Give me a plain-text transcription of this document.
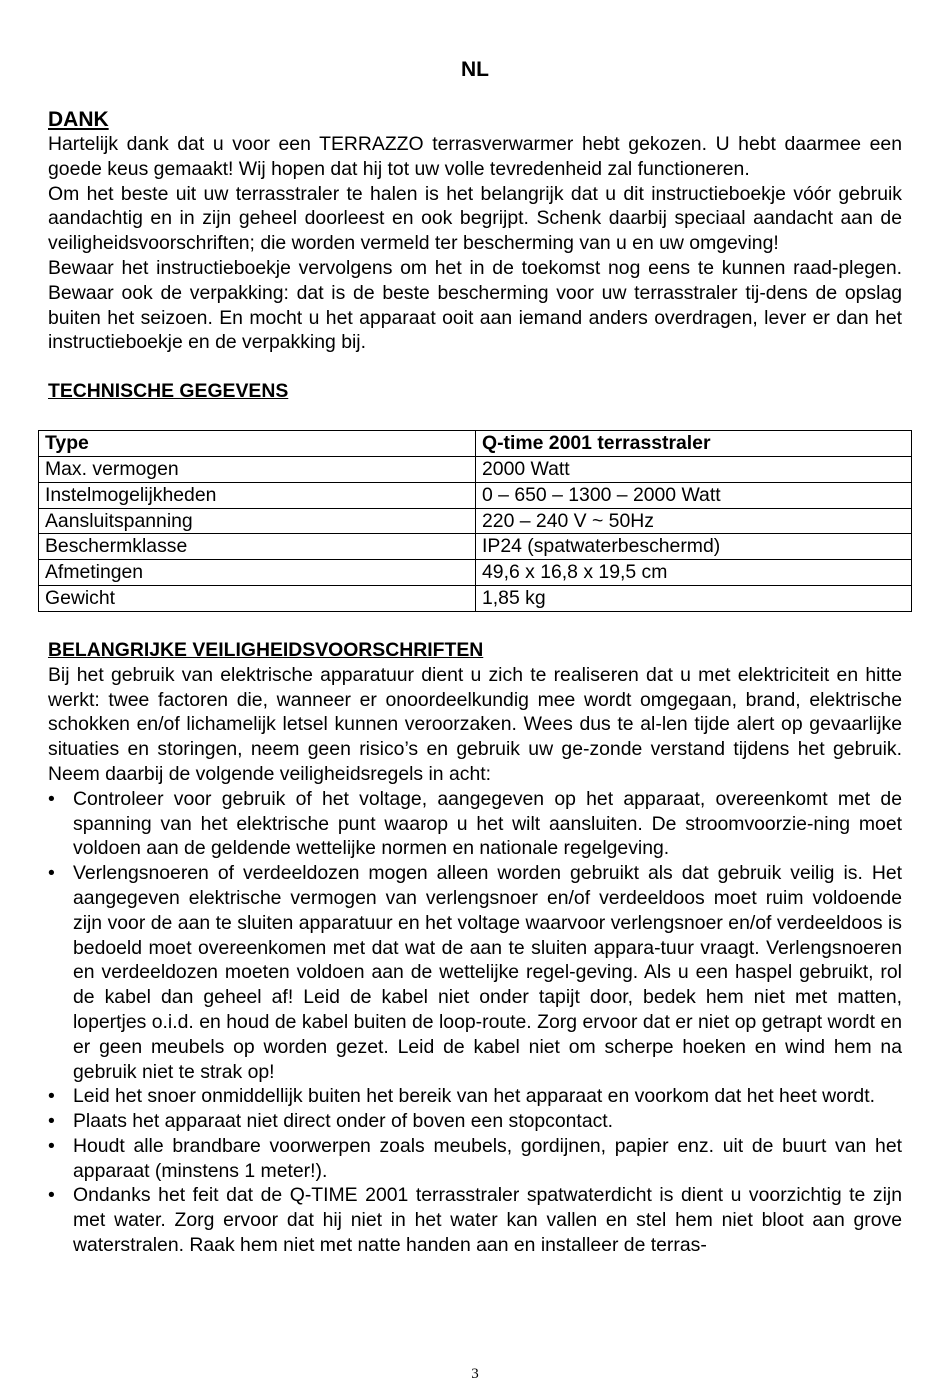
NL
DANK

Hartelijk dank dat u voor een TERRAZZO terrasverwarmer hebt gekozen. U hebt daarmee een goede keus gemaakt! Wij hopen dat hij tot uw volle tevredenheid zal functioneren.

Om het beste uit uw terrasstraler te halen is het belangrijk dat u dit instructieboekje vóór gebruik aandachtig en in zijn geheel doorleest en ook begrijpt. Schenk daarbij speciaal aandacht aan de veiligheidsvoorschriften; die worden vermeld ter bescherming van u en uw omgeving!

Bewaar het instructieboekje vervolgens om het in de toekomst nog eens te kunnen raad-plegen. Bewaar ook de verpakking: dat is de beste bescherming voor uw terrasstraler tij-dens de opslag buiten het seizoen. En mocht u het apparaat ooit aan iemand anders overdragen, lever er dan het instructieboekje en de verpakking bij.

TECHNISCHE GEGEVENS
Type	Q-time 2001 terrasstraler
Max. vermogen	2000 Watt
Instelmogelijkheden	0 – 650 – 1300 – 2000 Watt
Aansluitspanning	220 – 240 V ~ 50Hz
Beschermklasse	IP24 (spatwaterbeschermd)
Afmetingen	49,6 x 16,8 x 19,5 cm
Gewicht	1,85 kg
BELANGRIJKE VEILIGHEIDSVOORSCHRIFTEN

Bij het gebruik van elektrische apparatuur dient u zich te realiseren dat u met elektriciteit en hitte werkt: twee factoren die, wanneer er onoordeelkundig mee wordt omgegaan, brand, elektrische schokken en/of lichamelijk letsel kunnen veroorzaken. Wees dus te al-len tijde alert op gevaarlijke situaties en storingen, neem geen risico’s en gebruik uw ge-zonde verstand tijdens het gebruik. Neem daarbij de volgende veiligheidsregels in acht:

• Controleer voor gebruik of het voltage, aangegeven op het apparaat, overeenkomt met de spanning van het elektrische punt waarop u het wilt aansluiten. De stroomvoorzie-ning moet voldoen aan de geldende wettelijke normen en nationale regelgeving.
• Verlengsnoeren of verdeeldozen mogen alleen worden gebruikt als dat gebruik veilig is. Het aangegeven elektrische vermogen van verlengsnoer en/of verdeeldoos moet ruim voldoende zijn voor de aan te sluiten apparatuur en het voltage waarvoor verlengsnoer en/of verdeeldoos is bedoeld moet overeenkomen met dat wat de aan te sluiten appara-tuur vraagt. Verlengsnoeren en verdeeldozen moeten voldoen aan de wettelijke regel-geving. Als u een haspel gebruikt, rol de kabel dan geheel af! Leid de kabel niet onder tapijt door, bedek hem niet met matten, lopertjes o.i.d. en houd de kabel buiten de loop-route. Zorg ervoor dat er niet op getrapt wordt en er geen meubels op worden gezet. Leid de kabel niet om scherpe hoeken en wind hem na gebruik niet te strak op!
• Leid het snoer onmiddellijk buiten het bereik van het apparaat en voorkom dat het heet wordt.
• Plaats het apparaat niet direct onder of boven een stopcontact.
• Houdt alle brandbare voorwerpen zoals meubels, gordijnen, papier enz. uit de buurt van het apparaat (minstens 1 meter!).
• Ondanks het feit dat de Q-TIME 2001 terrasstraler spatwaterdicht is dient u voorzichtig te zijn met water. Zorg ervoor dat hij niet in het water kan vallen en stel hem niet bloot aan grove waterstralen. Raak hem niet met natte handen aan en installeer de terras-
3
